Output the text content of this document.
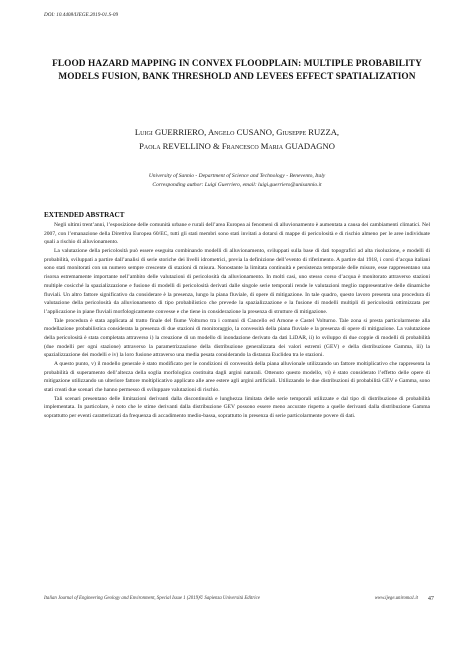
DOI: 10.4408/IJEGE.2019-01.S-09
FLOOD HAZARD MAPPING IN CONVEX FLOODPLAIN: MULTIPLE PROBABILITY
MODELS FUSION, BANK THRESHOLD AND LEVEES EFFECT SPATIALIZATION
Luigi GUERRIERO, Angelo CUSANO, Giuseppe RUZZA,
Paola REVELLINO & Francesco Maria GUADAGNO
University of Sannio - Department of Science and Technology - Benevento, Italy
Corresponding author: Luigi Guerriero, email: luigi.guerriero@unisannio.it
EXTENDED ABSTRACT

Negli ultimi trent’anni, l’esposizione delle comunità urbane e rurali dell’area Europea ai fenomeni di alluvionamento è aumentata a causa dei cambiamenti climatici. Nel 2007, con l’emanazione della Direttiva Europea 60/EC, tutti gli stati membri sono stati invitati a dotarsi di mappe di pericolosità e di rischio almeno per le aree individuate quali a rischio di alluvionamento.

La valutazione della pericolosità può essere eseguita combinando modelli di alluvionamento, sviluppati sulla base di dati topografici ad alta risoluzione, e modelli di probabilità, sviluppati a partire dall’analisi di serie storiche dei livelli idrometrici, previa la definizione dell’evento di riferimento. A partire dal 1918, i corsi d’acqua italiani sono stati monitorati con un numero sempre crescente di stazioni di misura. Nonostante la limitata continuità e persistenza temporale delle misure, esse rappresentano una risorsa estremamente importante nell’ambito delle valutazioni di pericolosità da alluvionamento. In molti casi, uno stesso corso d’acqua è monitorato attraverso stazioni multiple cosicché la spazializzazione e fusione di modelli di pericolosità derivati dalle singole serie temporali rende le valutazioni meglio rappresentative delle dinamiche fluviali. Un altro fattore significativo da considerare è la presenza, lungo la piana fluviale, di opere di mitigazione. In tale quadro, questo lavoro presenta una procedura di valutazione della pericolosità da alluvionamento di tipo probabilistico che prevede la spazializzazione e la fusione di modelli multipli di pericolosità ottimizzata per l’applicazione in piane fluviali morfologicamente convesse e che tiene in considerazione la presenza di strutture di mitigazione.

Tale procedura è stata applicata al tratto finale del fiume Volturno tra i comuni di Cancello ed Arnone e Castel Volturno. Tale zona si presta particolarmente alla modellazione probabilistica considerata la presenza di due stazioni di monitoraggio, la convessità della piana fluviale e la presenza di opere di mitigazione. La valutazione della pericolosità è stata completata attraverso i) la creazione di un modello di inondazione derivato da dati LiDAR, ii) lo sviluppo di due coppie di modelli di probabilità (due modelli per ogni stazione) attraverso la parametrizzazione della distribuzione generalizzata dei valori estremi (GEV) e della distribuzione Gamma, iii) la spazializzazione dei modelli e iv) la loro fusione attraverso una media pesata considerando la distanza Euclidea tra le stazioni.

A questo punto, v) il modello generale è stato modificato per le condizioni di convessità della piana alluvionale utilizzando un fattore moltiplicativo che rappresenta la probabilità di superamento dell’altezza della soglia morfologica costituita dagli argini naturali. Ottenuto questo modello, vi) è stato considerato l’effetto delle opere di mitigazione utilizzando un ulteriore fattore moltiplicativo applicato alle aree estere agli argini artificiali. Utilizzando le due distribuzioni di probabilità GEV e Gamma, sono stati creati due scenari che hanno permesso di sviluppare valutazioni di rischio.

Tali scenari presentano delle limitazioni derivanti dalla discontinuità e lunghezza limitata delle serie temporali utilizzate e dal tipo di distribuzione di probabilità implementata. In particolare, è noto che le stime derivanti dalla distribuzione GEV possono essere meno accurate rispetto a quelle derivanti dalla distribuzione Gamma soprattutto per eventi caratterizzati da frequenza di accadimento medio-bassa, soprattutto in presenza di serie particolarmente povere di dati.

Italian Journal of Engineering Geology and Environment, Special Issue 1 (2019)© Sapienza Università Editrice	www.ijege.uniroma1.it 47
